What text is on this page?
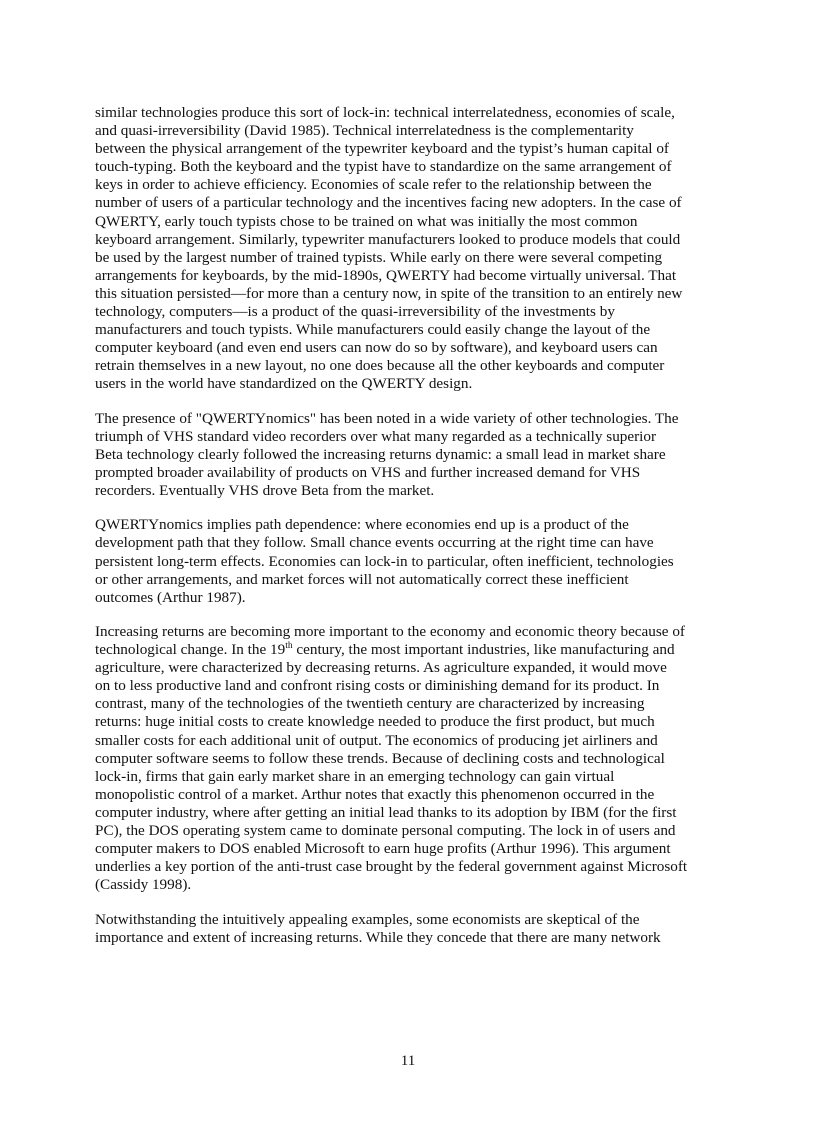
similar technologies produce this sort of lock-in: technical interrelatedness, economies of scale,
and quasi-irreversibility (David 1985). Technical interrelatedness is the complementarity
between the physical arrangement of the typewriter keyboard and the typist’s human capital of
touch-typing. Both the keyboard and the typist have to standardize on the same arrangement of
keys in order to achieve efficiency. Economies of scale refer to the relationship between the
number of users of a particular technology and the incentives facing new adopters. In the case of
QWERTY, early touch typists chose to be trained on what was initially the most common
keyboard arrangement. Similarly, typewriter manufacturers looked to produce models that could
be used by the largest number of trained typists. While early on there were several competing
arrangements for keyboards, by the mid-1890s, QWERTY had become virtually universal. That
this situation persisted—for more than a century now, in spite of the transition to an entirely new
technology, computers—is a product of the quasi-irreversibility of the investments by
manufacturers and touch typists. While manufacturers could easily change the layout of the
computer keyboard (and even end users can now do so by software), and keyboard users can
retrain themselves in a new layout, no one does because all the other keyboards and computer
users in the world have standardized on the QWERTY design.

The presence of "QWERTYnomics" has been noted in a wide variety of other technologies. The
triumph of VHS standard video recorders over what many regarded as a technically superior
Beta technology clearly followed the increasing returns dynamic: a small lead in market share
prompted broader availability of products on VHS and further increased demand for VHS
recorders. Eventually VHS drove Beta from the market.

QWERTYnomics implies path dependence: where economies end up is a product of the
development path that they follow. Small chance events occurring at the right time can have
persistent long-term effects. Economies can lock-in to particular, often inefficient, technologies
or other arrangements, and market forces will not automatically correct these inefficient
outcomes (Arthur 1987).

Increasing returns are becoming more important to the economy and economic theory because of
technological change. In the 19th century, the most important industries, like manufacturing and
agriculture, were characterized by decreasing returns. As agriculture expanded, it would move
on to less productive land and confront rising costs or diminishing demand for its product. In
contrast, many of the technologies of the twentieth century are characterized by increasing
returns: huge initial costs to create knowledge needed to produce the first product, but much
smaller costs for each additional unit of output. The economics of producing jet airliners and
computer software seems to follow these trends. Because of declining costs and technological
lock-in, firms that gain early market share in an emerging technology can gain virtual
monopolistic control of a market. Arthur notes that exactly this phenomenon occurred in the
computer industry, where after getting an initial lead thanks to its adoption by IBM (for the first
PC), the DOS operating system came to dominate personal computing. The lock in of users and
computer makers to DOS enabled Microsoft to earn huge profits (Arthur 1996). This argument
underlies a key portion of the anti-trust case brought by the federal government against Microsoft
(Cassidy 1998).

Notwithstanding the intuitively appealing examples, some economists are skeptical of the
importance and extent of increasing returns. While they concede that there are many network

11
